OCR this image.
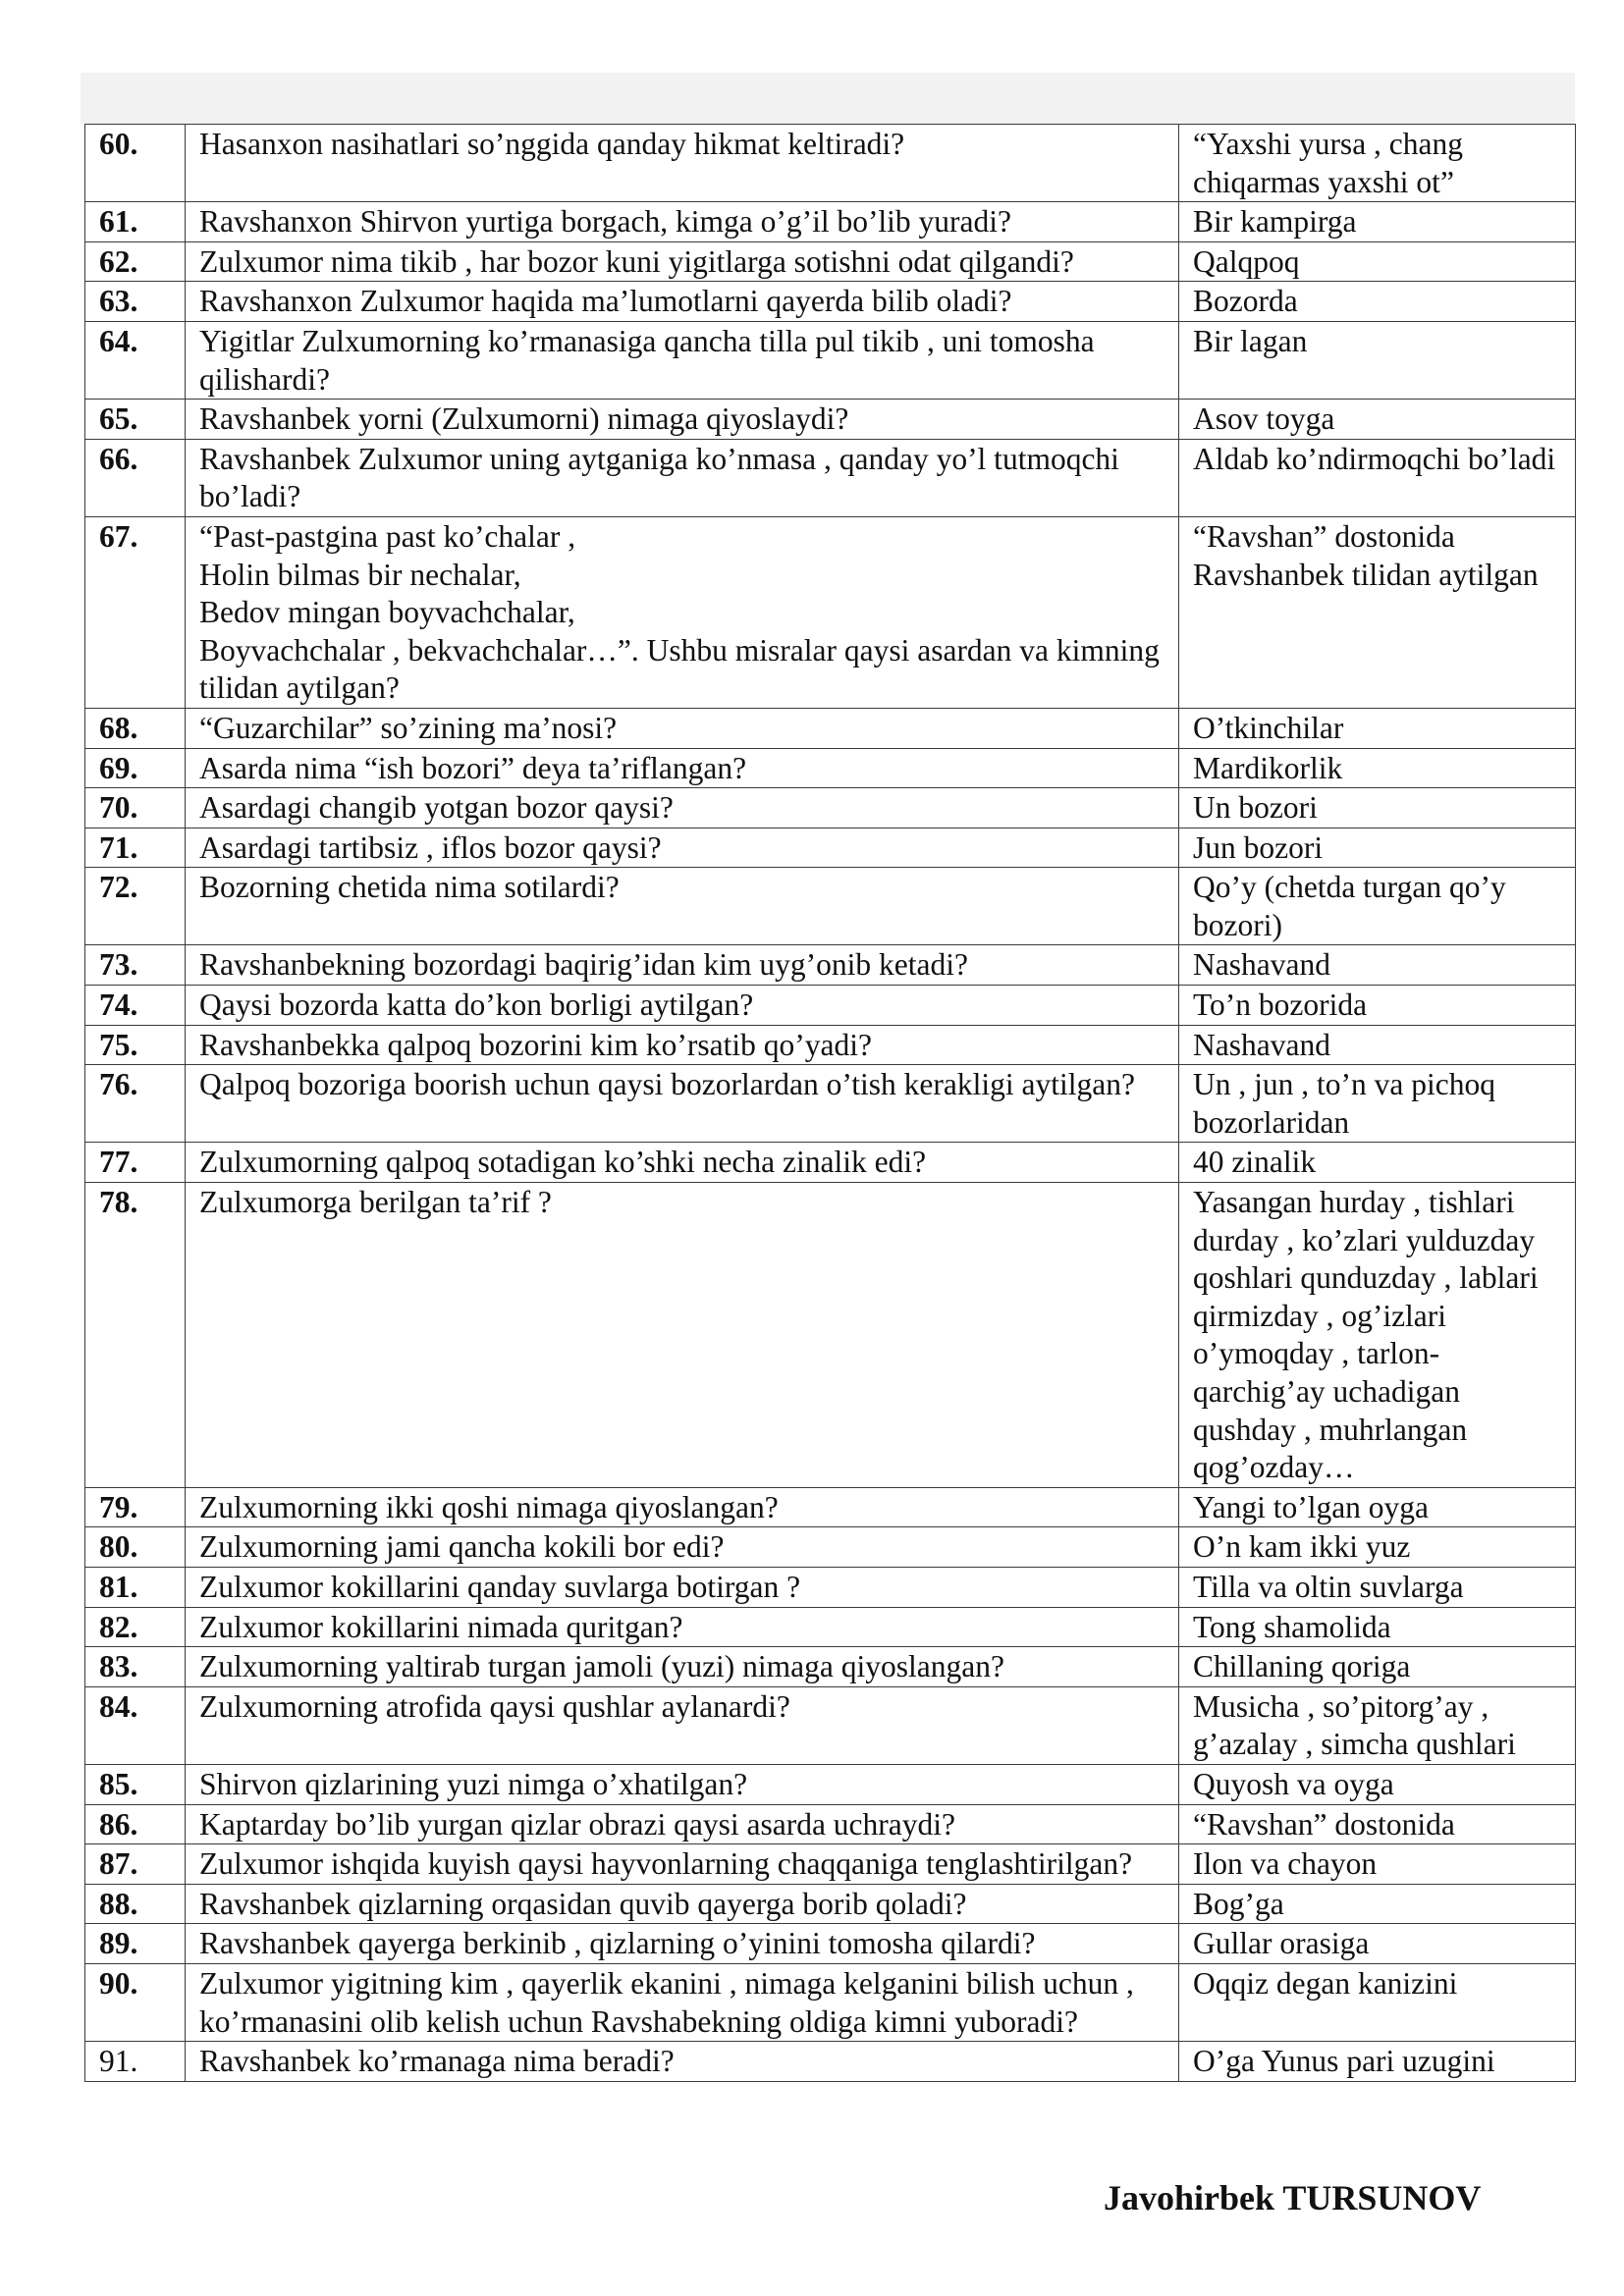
60.	Hasanxon nasihatlari so’nggida qanday hikmat keltiradi?	“Yaxshi yursa , chang chiqarmas yaxshi ot”
61.	Ravshanxon Shirvon yurtiga borgach, kimga o’g’il bo’lib yuradi?	Bir kampirga
62.	Zulxumor nima tikib , har bozor kuni yigitlarga sotishni odat qilgandi?	Qalqpoq
63.	Ravshanxon Zulxumor haqida ma’lumotlarni qayerda bilib oladi?	Bozorda
64.	Yigitlar Zulxumorning ko’rmanasiga qancha tilla pul tikib , uni tomosha qilishardi?	Bir lagan
65.	Ravshanbek yorni (Zulxumorni) nimaga qiyoslaydi?	Asov toyga
66.	Ravshanbek Zulxumor uning aytganiga ko’nmasa , qanday yo’l tutmoqchi bo’ladi?	Aldab ko’ndirmoqchi bo’ladi
67.	“Past-pastgina past ko’chalar ,
Holin bilmas bir nechalar,
Bedov mingan boyvachchalar,
Boyvachchalar , bekvachchalar…”. Ushbu misralar qaysi asardan va kimning tilidan aytilgan?	“Ravshan” dostonida Ravshanbek tilidan aytilgan
68.	“Guzarchilar” so’zining ma’nosi?	O’tkinchilar
69.	Asarda nima “ish bozori” deya ta’riflangan?	Mardikorlik
70.	Asardagi changib yotgan bozor qaysi?	Un bozori
71.	Asardagi tartibsiz , iflos bozor qaysi?	Jun bozori
72.	Bozorning chetida nima sotilardi?	Qo’y (chetda turgan qo’y bozori)
73.	Ravshanbekning bozordagi baqirig’idan kim uyg’onib ketadi?	Nashavand
74.	Qaysi bozorda katta do’kon borligi aytilgan?	To’n bozorida
75.	Ravshanbekka qalpoq bozorini kim ko’rsatib qo’yadi?	Nashavand
76.	Qalpoq bozoriga boorish uchun qaysi bozorlardan o’tish kerakligi aytilgan?	Un , jun , to’n va pichoq bozorlaridan
77.	Zulxumorning qalpoq sotadigan ko’shki necha zinalik edi?	40 zinalik
78.	Zulxumorga berilgan ta’rif ?	Yasangan hurday , tishlari durday , ko’zlari yulduzday qoshlari qunduzday , lablari qirmizday , og’izlari o’ymoqday , tarlon-qarchig’ay uchadigan qushday , muhrlangan qog’ozday…
79.	Zulxumorning ikki qoshi nimaga qiyoslangan?	Yangi to’lgan oyga
80.	Zulxumorning jami qancha kokili bor edi?	O’n kam ikki yuz
81.	Zulxumor kokillarini qanday suvlarga botirgan ?	Tilla va oltin suvlarga
82.	Zulxumor kokillarini nimada quritgan?	Tong shamolida
83.	Zulxumorning yaltirab turgan jamoli (yuzi) nimaga qiyoslangan?	Chillaning qoriga
84.	Zulxumorning atrofida qaysi qushlar aylanardi?	Musicha , so’pitorg’ay , g’azalay , simcha qushlari
85.	Shirvon qizlarining yuzi nimga o’xhatilgan?	Quyosh va oyga
86.	Kaptarday bo’lib yurgan qizlar obrazi qaysi asarda uchraydi?	“Ravshan” dostonida
87.	Zulxumor ishqida kuyish qaysi hayvonlarning chaqqaniga tenglashtirilgan?	Ilon va chayon
88.	Ravshanbek qizlarning orqasidan quvib qayerga borib qoladi?	Bog’ga
89.	Ravshanbek qayerga berkinib , qizlarning o’yinini tomosha qilardi?	Gullar orasiga
90.	Zulxumor yigitning kim , qayerlik ekanini , nimaga kelganini bilish uchun , ko’rmanasini olib kelish uchun Ravshabekning oldiga kimni yuboradi?	Oqqiz degan kanizini
91.	Ravshanbek ko’rmanaga nima beradi?	O’ga Yunus pari uzugini
Javohirbek TURSUNOV
